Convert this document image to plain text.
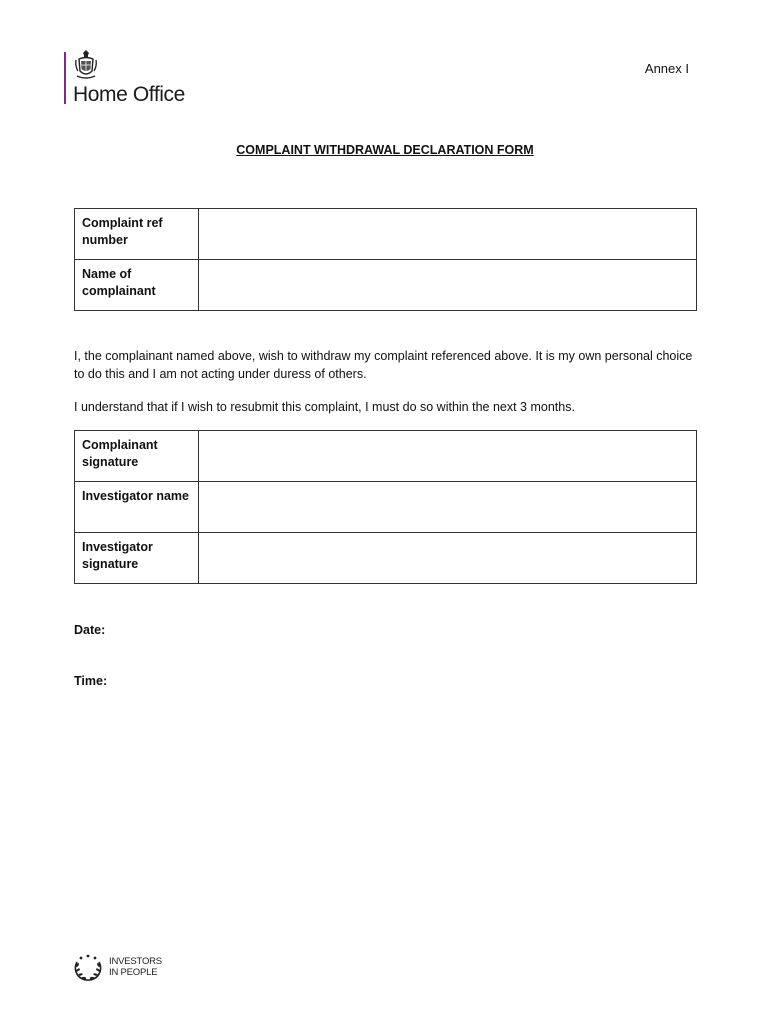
Home Office
Annex I
COMPLAINT WITHDRAWAL DECLARATION FORM
Complaint ref number	
Name of complainant	
I, the complainant named above, wish to withdraw my complaint referenced above. It is my own personal choice to do this and I am not acting under duress of others.
I understand that if I wish to resubmit this complaint, I must do so within the next 3 months.
Complainant signature	
Investigator name	
Investigator signature	
Date:
Time:
INVESTORS
IN PEOPLE
